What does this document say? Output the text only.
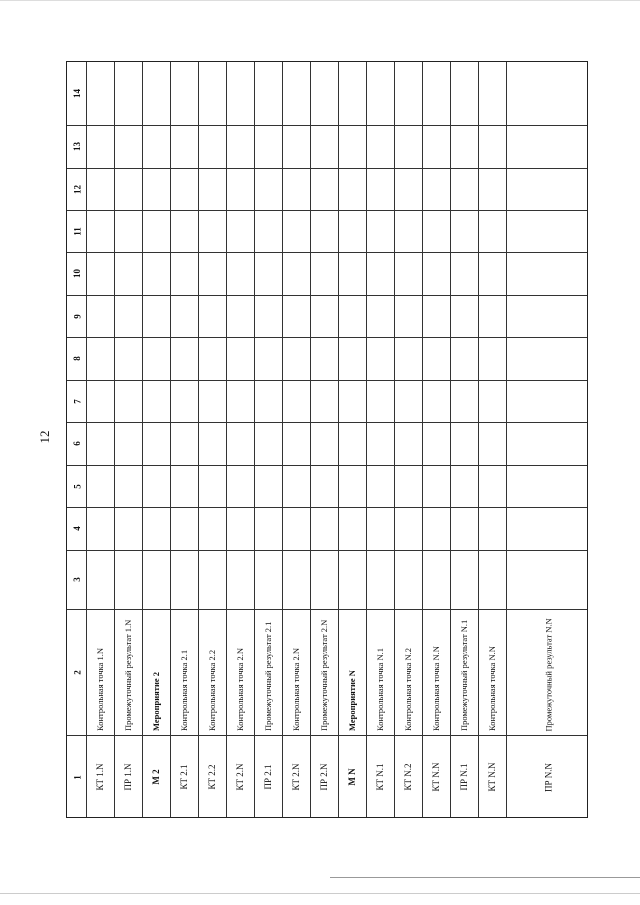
12
1
2
3
4
5
6
7
8
9
10
11
12
13
14
КТ 1.N
Контрольная точка 1.N
ПР 1.N
Промежуточный результат 1.N
М 2
Мероприятие 2
КТ 2.1
Контрольная точка 2.1
КТ 2.2
Контрольная точка 2.2
КТ 2.N
Контрольная точка 2.N
ПР 2.1
Промежуточный результат 2.1
КТ 2.N
Контрольная точка 2.N
ПР 2.N
Промежуточный результат 2.N
М N
Мероприятие N
КТ N.1
Контрольная точка N.1
КТ N.2
Контрольная точка N.2
КТ N.N
Контрольная точка N.N
ПР N.1
Промежуточный результат N.1
КТ N.N
Контрольная точка N.N
ПР N.N
Промежуточный результат N.N
